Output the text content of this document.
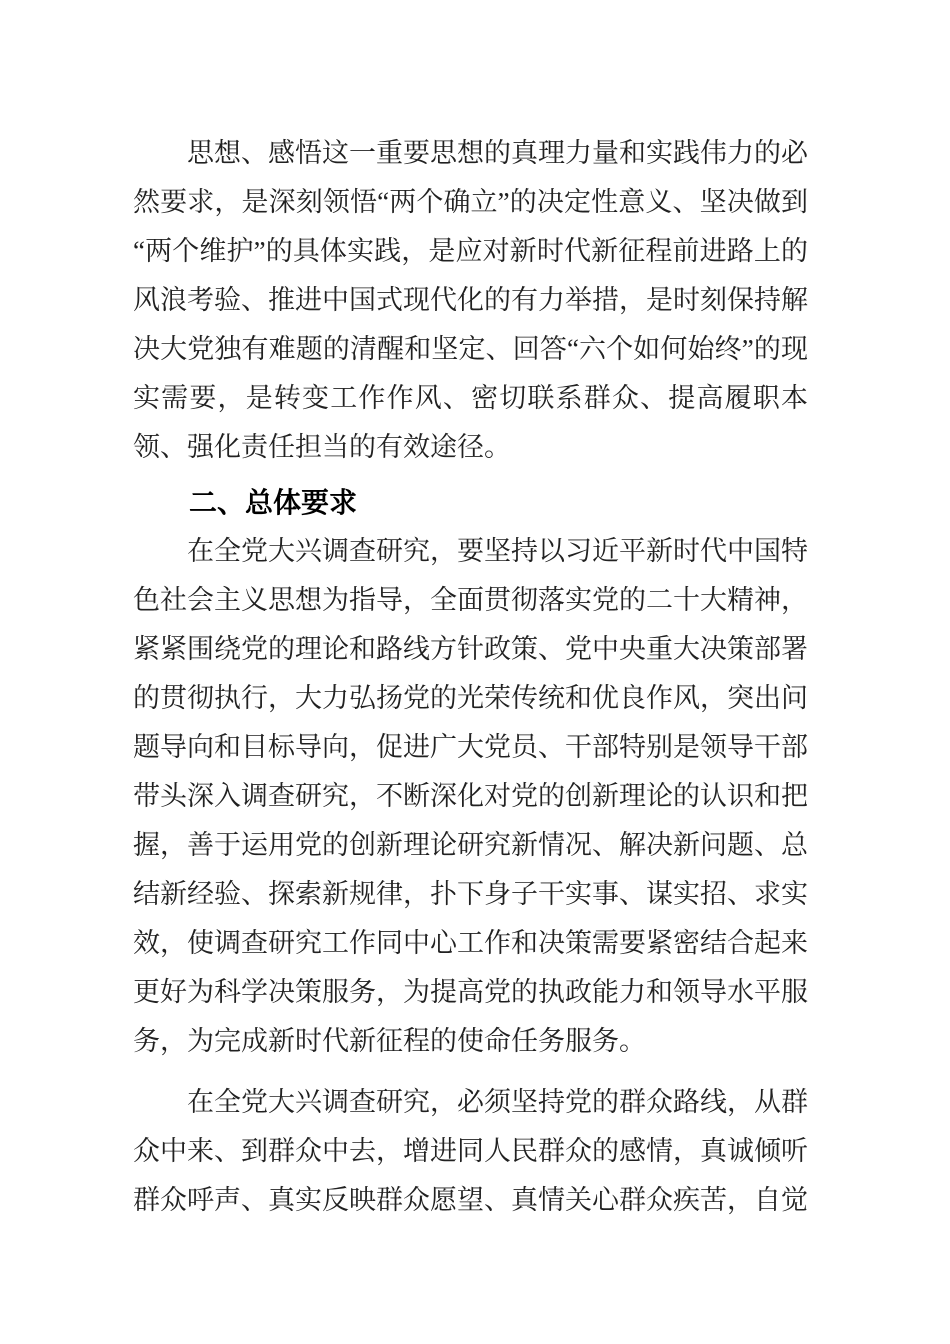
思想、感悟这一重要思想的真理力量和实践伟力的必然要求，是深刻领悟“两个确立”的决定性意义、坚决做到“两个维护”的具体实践，是应对新时代新征程前进路上的风浪考验、推进中国式现代化的有力举措，是时刻保持解决大党独有难题的清醒和坚定、回答“六个如何始终”的现实需要，是转变工作作风、密切联系群众、提高履职本领、强化责任担当的有效途径。

二、总体要求

在全党大兴调查研究，要坚持以习近平新时代中国特色社会主义思想为指导，全面贯彻落实党的二十大精神，紧紧围绕党的理论和路线方针政策、党中央重大决策部署的贯彻执行，大力弘扬党的光荣传统和优良作风，突出问题导向和目标导向，促进广大党员、干部特别是领导干部带头深入调查研究，不断深化对党的创新理论的认识和把握，善于运用党的创新理论研究新情况、解决新问题、总结新经验、探索新规律，扑下身子干实事、谋实招、求实效，使调查研究工作同中心工作和决策需要紧密结合起来更好为科学决策服务，为提高党的执政能力和领导水平服务，为完成新时代新征程的使命任务服务。

在全党大兴调查研究，必须坚持党的群众路线，从群众中来、到群众中去，增进同人民群众的感情，真诚倾听群众呼声、真实反映群众愿望、真情关心群众疾苦，自觉
